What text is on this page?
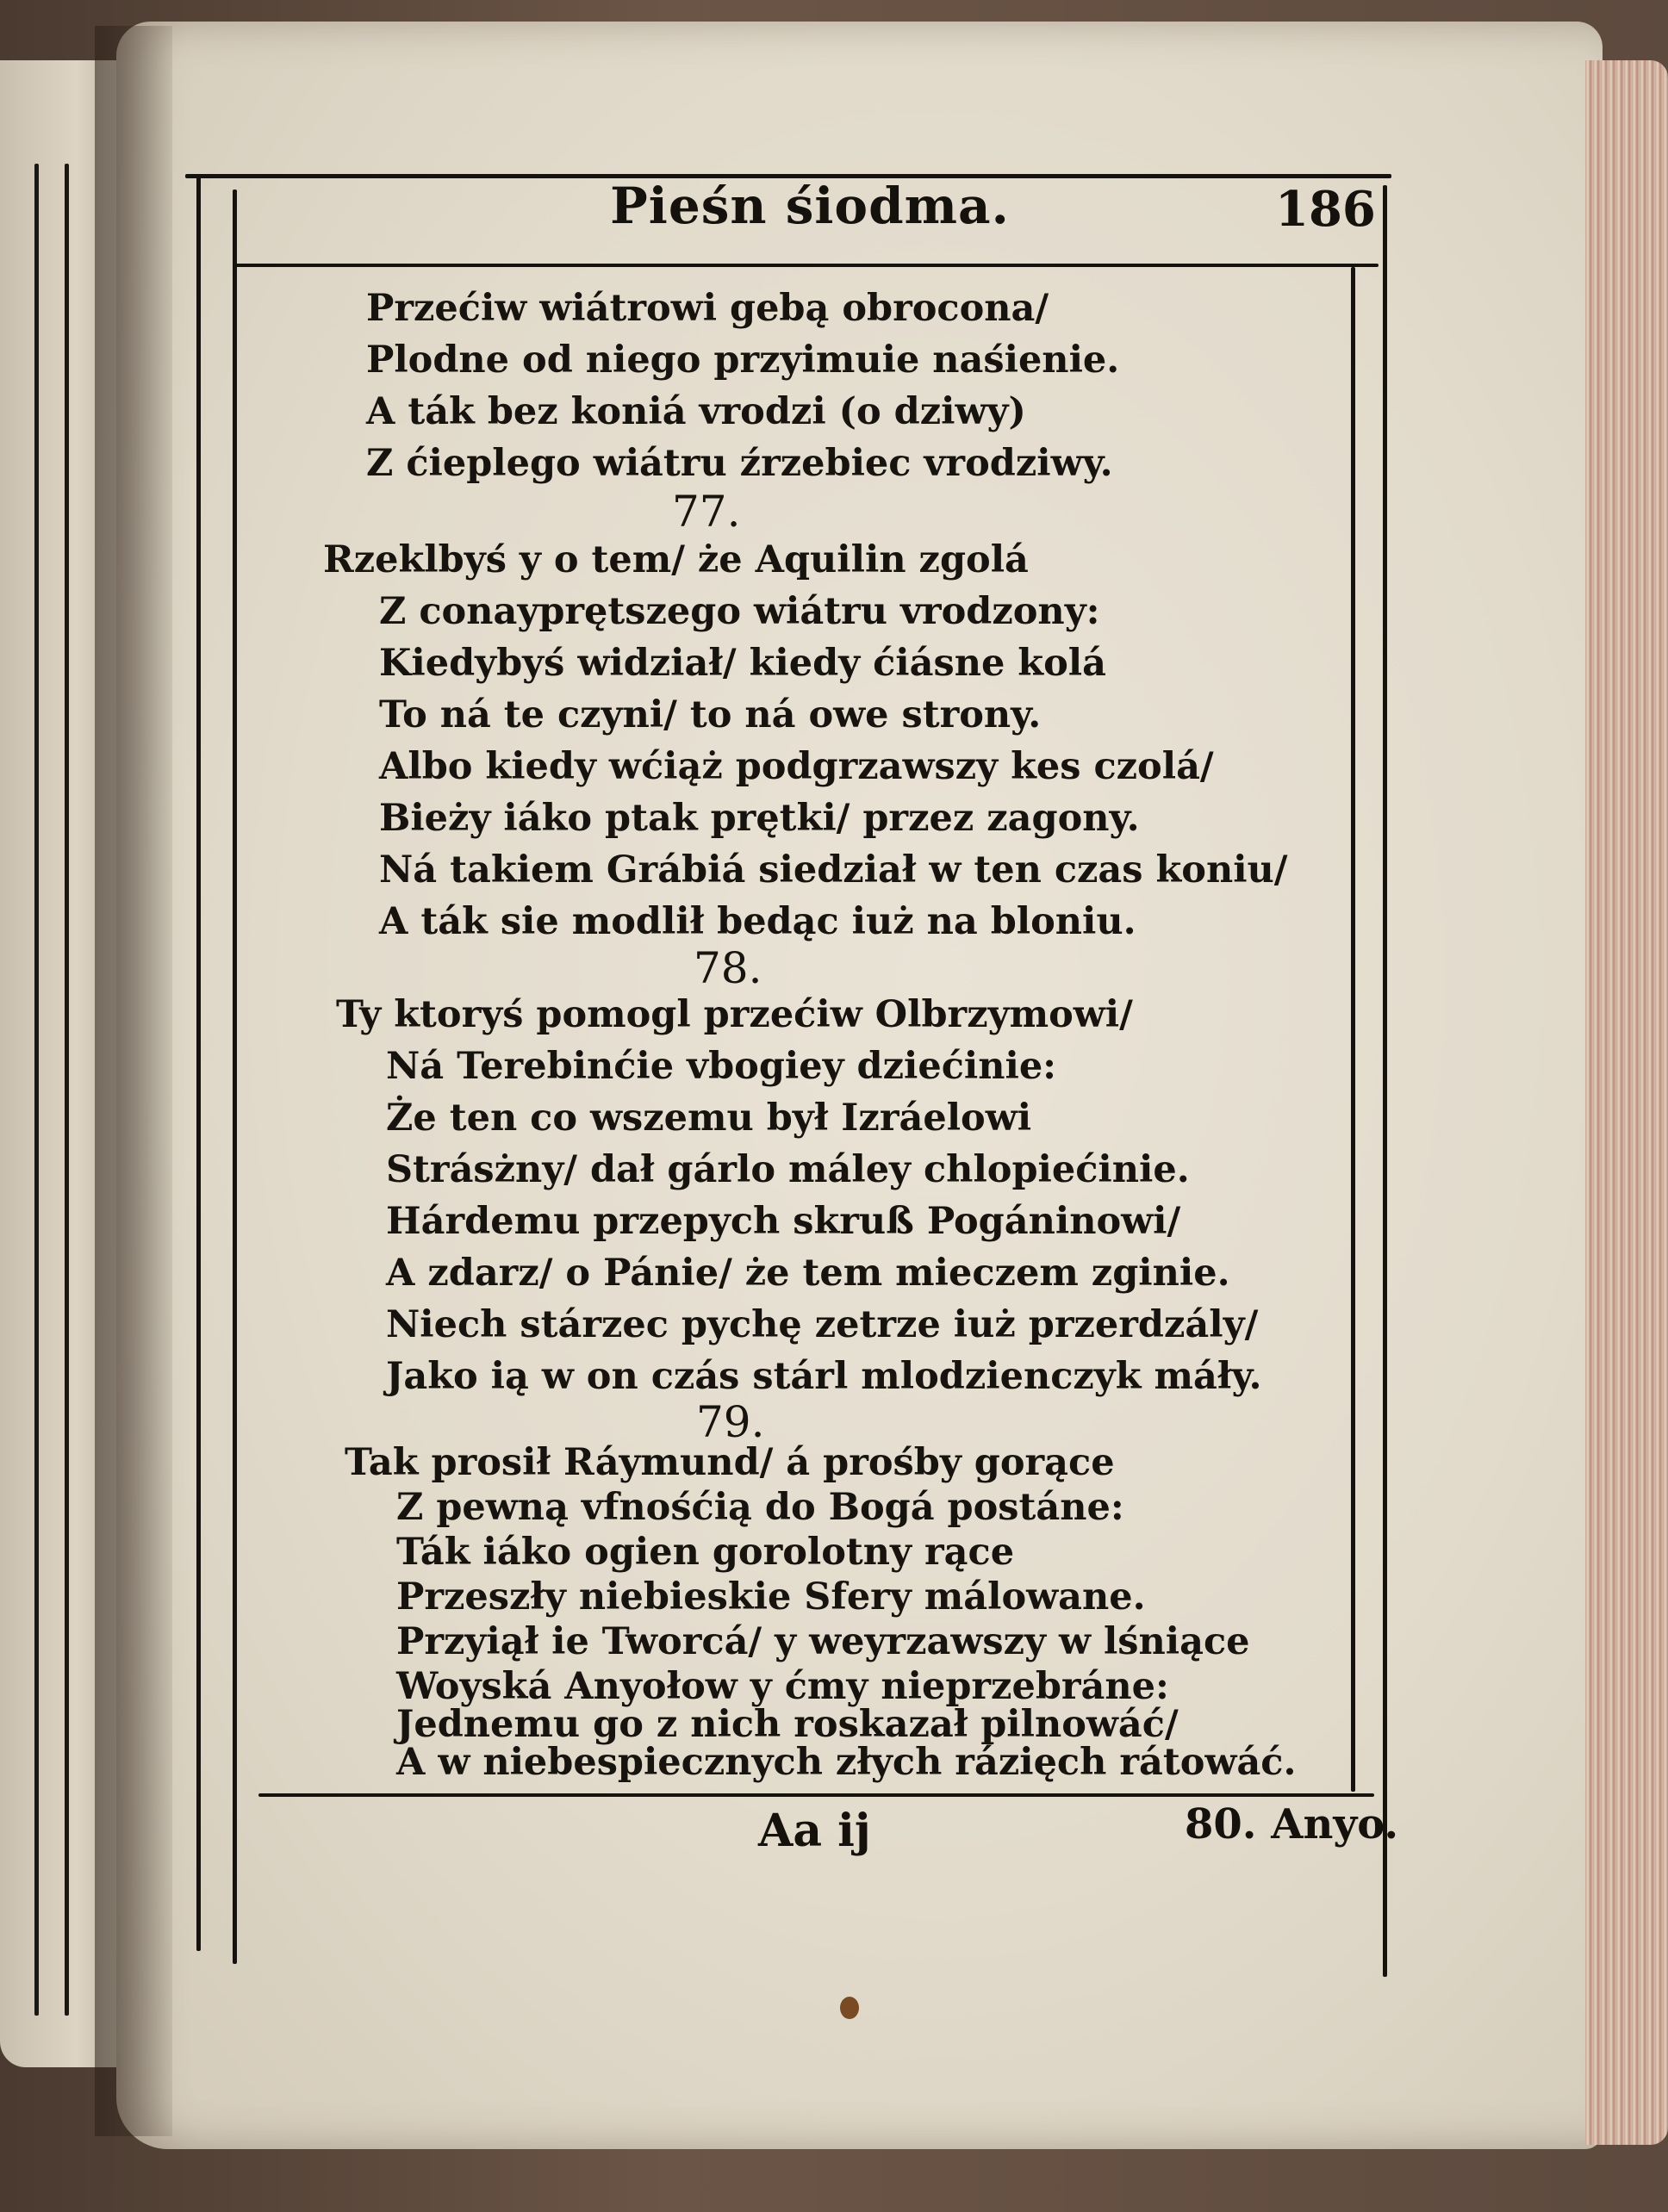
Pieśn śiodma.	186
Przećiw wiátrowi gebą obrocona/
Plodne od niego przyimuie naśienie.
A ták bez koniá vrodzi (o dziwy)
Z ćieplego wiátru źrzebiec vrodziwy.
77.
Rzeklbyś y o tem/ że Aquilin zgolá
Z conayprętszego wiátru vrodzony:
Kiedybyś widział/ kiedy ćiásne kolá
To ná te czyni/ to ná owe strony.
Albo kiedy wćiąż podgrzawszy kes czolá/
Bieży iáko ptak prętki/ przez zagony.
Ná takiem Grábiá siedział w ten czas koniu/
A ták sie modlił bedąc iuż na bloniu.
78.
Ty ktoryś pomogl przećiw Olbrzymowi/
Ná Terebinćie vbogiey dziećinie:
Że ten co wszemu był Izráelowi
Strásżny/ dał gárlo máley chlopiećinie.
Hárdemu przepych skruß Pogáninowi/
A zdarz/ o Pánie/ że tem mieczem zginie.
Niech stárzec pychę zetrze iuż przerdzály/
Jako ią w on czás stárl mlodzienczyk máły.
79.
Tak prosił Ráymund/ á prośby gorące
Z pewną vfnośćią do Bogá postáne:
Ták iáko ogien gorolotny rące
Przeszły niebieskie Sfery málowane.
Przyiął ie Tworcá/ y weyrzawszy w lśniące
Woyská Anyołow y ćmy nieprzebráne:
Jednemu go z nich roskazał pilnowáć/
Aa ij	80. Anyo.
A w niebespiecznych złych rázięch rátowáć.
